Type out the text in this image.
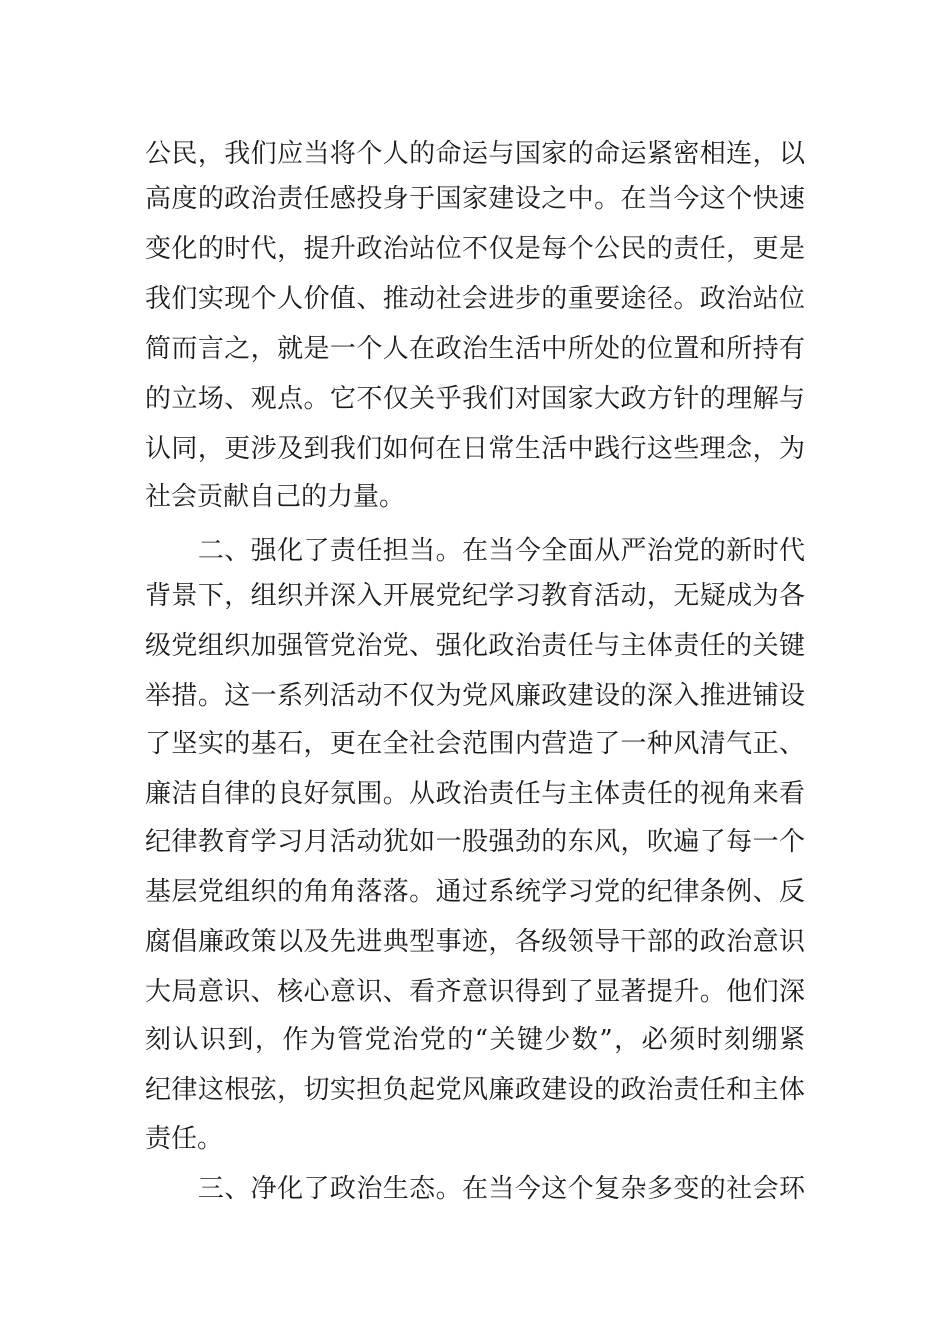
公民，我们应当将个人的命运与国家的命运紧密相连，以
高度的政治责任感投身于国家建设之中。在当今这个快速
变化的时代，提升政治站位不仅是每个公民的责任，更是
我们实现个人价值、推动社会进步的重要途径。政治站位
简而言之，就是一个人在政治生活中所处的位置和所持有
的立场、观点。它不仅关乎我们对国家大政方针的理解与
认同，更涉及到我们如何在日常生活中践行这些理念，为
社会贡献自己的力量。
　　二、强化了责任担当。在当今全面从严治党的新时代
背景下，组织并深入开展党纪学习教育活动，无疑成为各
级党组织加强管党治党、强化政治责任与主体责任的关键
举措。这一系列活动不仅为党风廉政建设的深入推进铺设
了坚实的基石，更在全社会范围内营造了一种风清气正、
廉洁自律的良好氛围。从政治责任与主体责任的视角来看
纪律教育学习月活动犹如一股强劲的东风，吹遍了每一个
基层党组织的角角落落。通过系统学习党的纪律条例、反
腐倡廉政策以及先进典型事迹，各级领导干部的政治意识
大局意识、核心意识、看齐意识得到了显著提升。他们深
刻认识到，作为管党治党的“关键少数”，必须时刻绷紧
纪律这根弦，切实担负起党风廉政建设的政治责任和主体
责任。
　　三、净化了政治生态。在当今这个复杂多变的社会环
